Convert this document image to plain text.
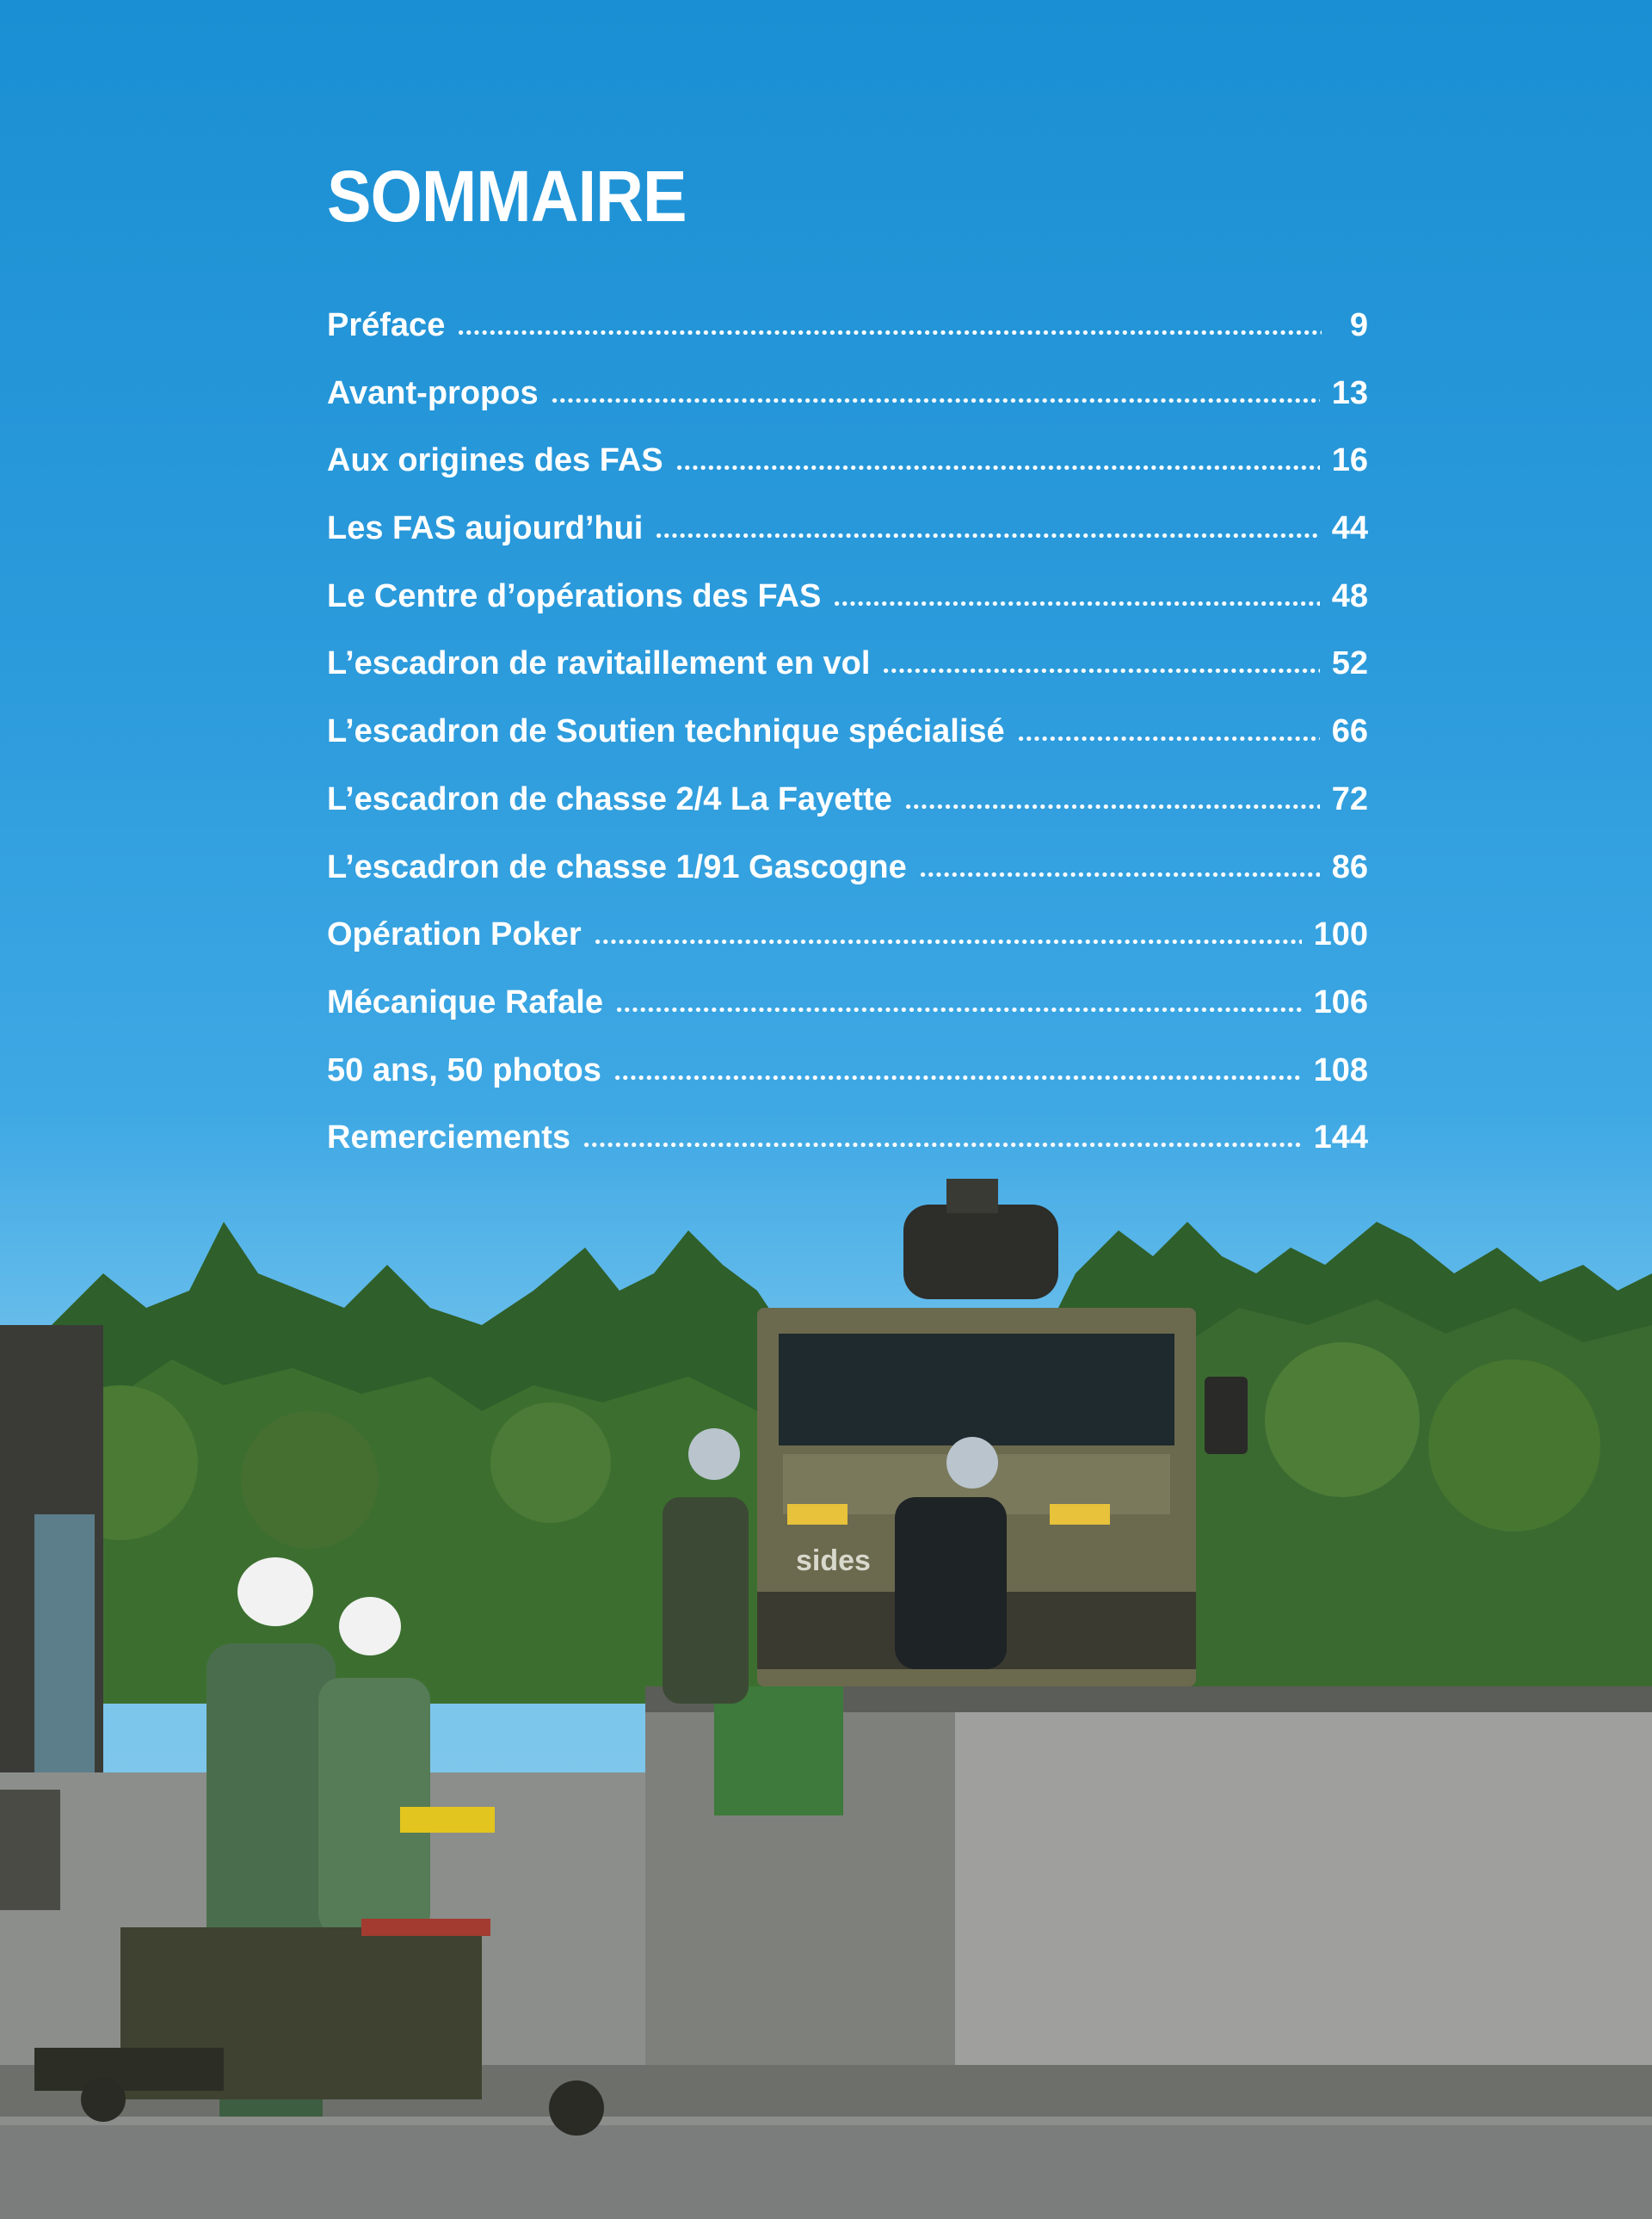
sides
SOMMAIRE
Préface	9
Avant-propos	13
Aux origines des FAS	16
Les FAS aujourd’hui	44
Le Centre d’opérations des FAS	48
L’escadron de ravitaillement en vol	52
L’escadron de Soutien technique spécialisé	66
L’escadron de chasse 2/4 La Fayette	72
L’escadron de chasse 1/91 Gascogne	86
Opération Poker	100
Mécanique Rafale	106
50 ans, 50 photos	108
Remerciements	144
